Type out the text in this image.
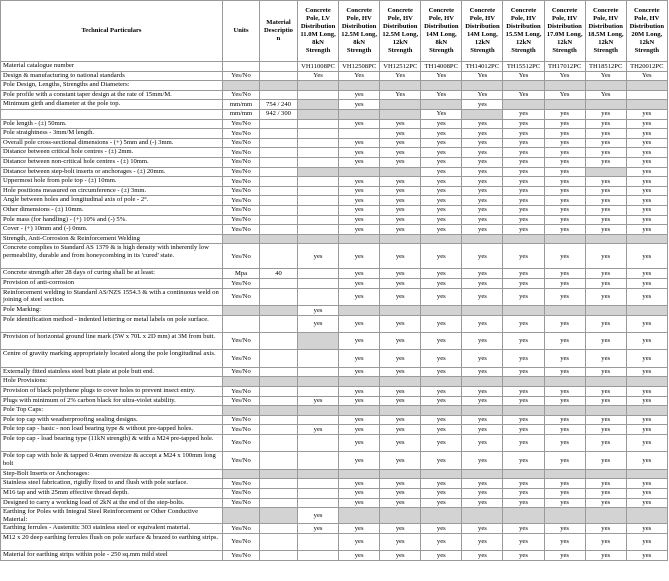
Technical Particulars	Units	Material Descriptio n	Concrete Pole, LV Distribution 11.0M Long, 8kN Strength	Concrete Pole, HV Distribution 12.5M Long, 8kN Strength	Concrete Pole, HV Distribution 12.5M Long, 12kN Strength	Concrete Pole, HV Distribution 14M Long, 8kN Strength	Concrete Pole, HV Distribution 14M Long, 12kN Strength	Concrete Pole, HV Distribution 15.5M Long, 12kN Strength	Concrete Pole, HV Distribution 17.0M Long, 12kN Strength	Concrete Pole, HV Distribution 18.5M Long, 12kN Strength	Concrete Pole, HV Distribution 20M Long, 12kN Strength
Material catalogue number			VH11008PC	VH12508PC	VH12512PC	TH14008PC	TH14012PC	TH15512PC	TH17012PC	TH18512PC	TH20012PC
Design & manufacturing to national standards	Yes/No		Yes	Yes	Yes	Yes	Yes	Yes	Yes	Yes	Yes
Pole Design, Lengths, Strengths and Diameters:											
Pole profile with a constant taper design at the rate of 15mm/M.	Yes/No			yes	Yes	Yes	Yes	Yes	Yes	Yes	
Minimum girth and diameter at the pole top.	mm/mm	754 / 240		yes			yes				
	mm/mm	942 / 300				Yes		yes	yes	yes	yes
Pole length - (±) 50mm.	Yes/No			yes	yes	yes	yes	yes	yes	yes	yes
Pole straightness - 3mm/M length.	Yes/No				yes	yes	yes	yes	yes	yes	yes
Overall pole cross-sectional dimensions - (+) 5mm and (-) 3mm.	Yes/No			yes	yes	yes	yes	yes	yes	yes	yes
Distance between critical hole centres - (±) 2mm.	Yes/No			yes	yes	yes	yes	yes	yes	yes	yes
Distance between non-critical hole centres - (±) 10mm.	Yes/No			yes	yes	yes	yes	yes	yes	yes	yes
Distance between step-bolt inserts or anchorages - (±) 20mm.	Yes/No					yes	yes	yes	yes		yes
Uppermost hole from pole top - (±) 10mm.	Yes/No			yes	yes	yes	yes	yes	yes	yes	yes
Hole positions measured on circumference - (±) 3mm.	Yes/No			yes	yes	yes	yes	yes	yes	yes	yes
Angle between holes and longitudinal axis of pole - 2°.	Yes/No			yes	yes	yes	yes	yes	yes	yes	yes
Other dimensions - (±) 10mm.	Yes/No			yes	yes	yes	yes	yes	yes	yes	yes
Pole mass (for handling) - (+) 10% and (-) 5%.	Yes/No			yes	yes	yes	yes	yes	yes	yes	yes
Cover - (+) 10mm and (-) 0mm.	Yes/No			yes	yes	yes	yes	yes	yes	yes	yes
Strength, Anti-Corrosion & Reinforcement Welding											
Concrete complies to Standard AS 1379 & is high density with inherently low permeability, durable and from honeycombing in its 'cured' state.	Yes/No		yes	yes	yes	yes	yes	yes	yes	yes	yes
Concrete strength after 28 days of curing shall be at least:	Mpa	40		yes	yes	yes	yes	yes	yes	yes	yes
Provision of anti-corrosion	Yes/No			yes	yes	yes	yes	yes	yes	yes	yes
Reinforcement welding to Standard AS/NZS 1554.3 & with a continuous weld on joining of steel section.	Yes/No			yes	yes	yes	yes	yes	yes	yes	yes
Pole Marking:			yes								
Pole identification method - indented lettering or metal labels on pole surface.			yes	yes	yes	yes	yes	yes	yes	yes	yes
Provision of horizontal ground line mark (5W x 70L x 2D mm) at 3M from butt.	Yes/No			yes	yes	yes	yes	yes	yes	yes	yes
Centre of gravity marking appropriately located along the pole longitudinal axis.	Yes/No			yes	yes	yes	yes	yes	yes	yes	yes
Externally fitted stainless steel butt plate at pole butt end.	Yes/No			yes	yes	yes	yes	yes	yes	yes	yes
Hole Provisions:											
Provision of black polythene plugs to cover holes to prevent insect entry.	Yes/No			yes	yes	yes	yes	yes	yes	yes	yes
Plugs with minimum of 2% carbon black for ultra-violet stability.	Yes/No		yes	yes	yes	yes	yes	yes	yes	yes	yes
Pole Top Caps:											
Pole top cap with weatherproofing sealing designs.	Yes/No			yes	yes	yes	yes	yes	yes	yes	yes
Pole top cap - basic - non load bearing type & without pre-tapped holes.	Yes/No		yes	yes	yes	yes	yes	yes	yes	yes	yes
Pole top cap - load bearing type (11kN strength) & with a M24 pre-tapped hole.	Yes/No			yes	yes	yes	yes	yes	yes	yes	yes
Pole top cap with hole & tapped 0.4mm oversize & accept a M24 x 100mm long bolt	Yes/No			yes	yes	yes	yes	yes	yes	yes	yes
Step-Bolt Inserts or Anchorages:											
Stainless steel fabrication, rigidly fixed to and flush with pole surface.	Yes/No			yes	yes	yes	yes	yes	yes	yes	yes
M16 tap and with 25mm effective thread depth.	Yes/No			yes	yes	yes	yes	yes	yes	yes	yes
Designed to carry a working load of 2kN at the end of the step-bolts.	Yes/No			yes	yes	yes	yes	yes	yes	yes	yes
Earthing for Poles with Integral Steel Reinforcement or Other Conductive Material:			yes								
Earthing ferrules - Austenitic 303 stainless steel or equivalent material.	Yes/No		yes	yes	yes	yes	yes	yes	yes	yes	yes
M12 x 20 deep earthing ferrules flush on pole surface & brazed to earthing strips.	Yes/No			yes	yes	yes	yes	yes	yes	yes	yes
Material for earthing strips within pole - 250 sq.mm mild steel	Yes/No			yes	yes	yes	yes	yes	yes	yes	yes
